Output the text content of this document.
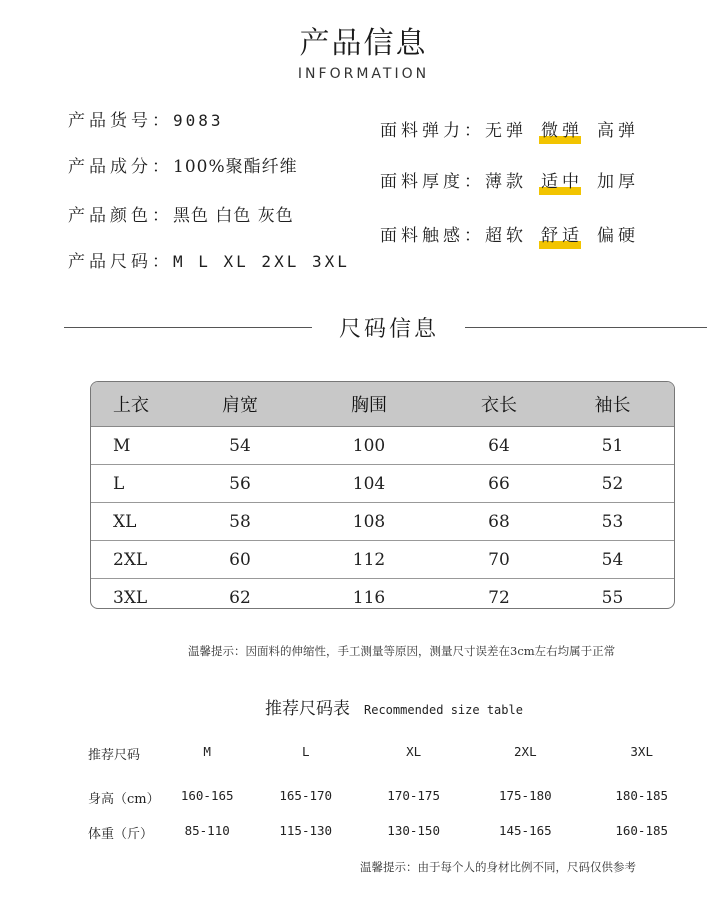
产品信息
INFORMATION
产品货号：9083
产品成分：100%聚酯纤维
产品颜色：黑色 白色 灰色
产品尺码：M L XL 2XL 3XL
面料弹力：无弹 微弹 高弹
面料厚度：薄款 适中 加厚
面料触感：超软 舒适 偏硬
尺码信息
上衣	肩宽	胸围	衣长	袖长
M	54	100	64	51
L	56	104	66	52
XL	58	108	68	53
2XL	60	112	70	54
3XL	62	116	72	55
温馨提示：因面料的伸缩性，手工测量等原因，测量尺寸误差在3cm左右均属于正常
推荐尺码表 Recommended size table
推荐尺码	M	L	XL	2XL	3XL
身高（cm）	160-165	165-170	170-175	175-180	180-185
体重（斤）	85-110	115-130	130-150	145-165	160-185
温馨提示：由于每个人的身材比例不同，尺码仅供参考
